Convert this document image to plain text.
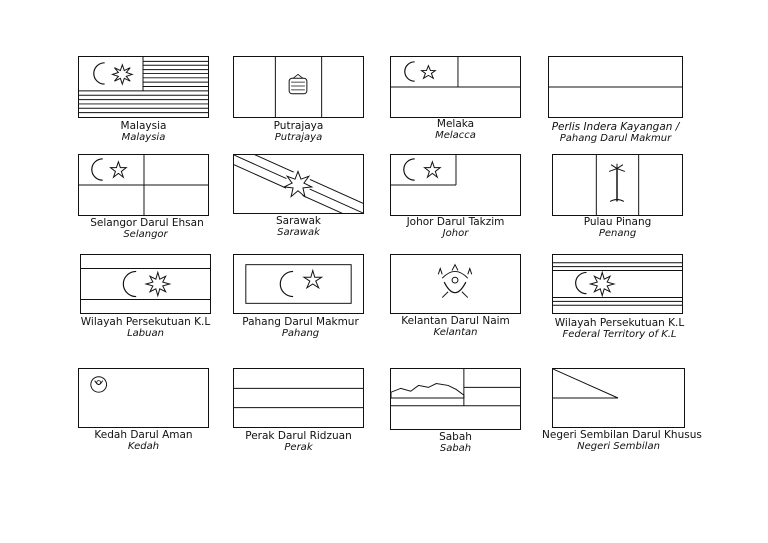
Malaysia
Malaysia
Putrajaya
Putrajaya
Melaka
Melacca
Perlis Indera Kayangan /
Pahang Darul Makmur
Selangor Darul Ehsan
Selangor
Sarawak
Sarawak
Johor Darul Takzim
Johor
Pulau Pinang
Penang
Wilayah Persekutuan K.L
Labuan
Pahang Darul Makmur
Pahang
Kelantan Darul Naim
Kelantan
Wilayah Persekutuan K.L
Federal Territory of K.L
Kedah Darul Aman
Kedah
Perak Darul Ridzuan
Perak
Sabah
Sabah
Negeri Sembilan Darul Khusus
Negeri Sembilan
